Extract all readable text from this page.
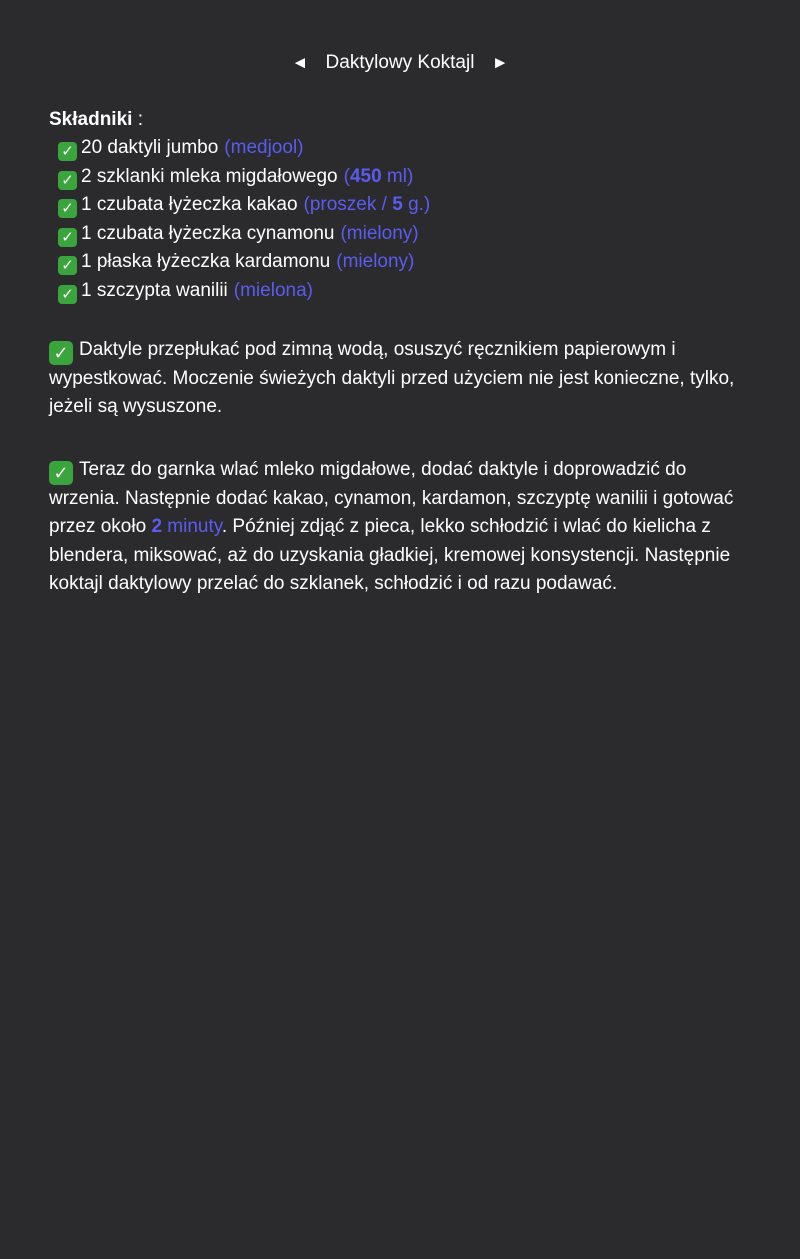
◄ Daktylowy Koktajl ►

Składniki :

✓ 20 daktyli jumbo (medjool)
✓ 2 szklanki mleka migdałowego (450 ml)
✓ 1 czubata łyżeczka kakao (proszek / 5 g.)
✓ 1 czubata łyżeczka cynamonu (mielony)
✓ 1 płaska łyżeczka kardamonu (mielony)
✓ 1 szczypta wanilii (mielona)

✓ Daktyle przepłukać pod zimną wodą, osuszyć ręcznikiem papierowym i wypestkować. Moczenie świeżych daktyli przed użyciem nie jest konieczne, tylko, jeżeli są wysuszone.

✓ Teraz do garnka wlać mleko migdałowe, dodać daktyle i doprowadzić do wrzenia. Następnie dodać kakao, cynamon, kardamon, szczyptę wanilii i gotować przez około 2 minuty. Później zdjąć z pieca, lekko schłodzić i wlać do kielicha z blendera, miksować, aż do uzyskania gładkiej, kremowej konsystencji. Następnie koktajl daktylowy przelać do szklanek, schłodzić i od razu podawać.
